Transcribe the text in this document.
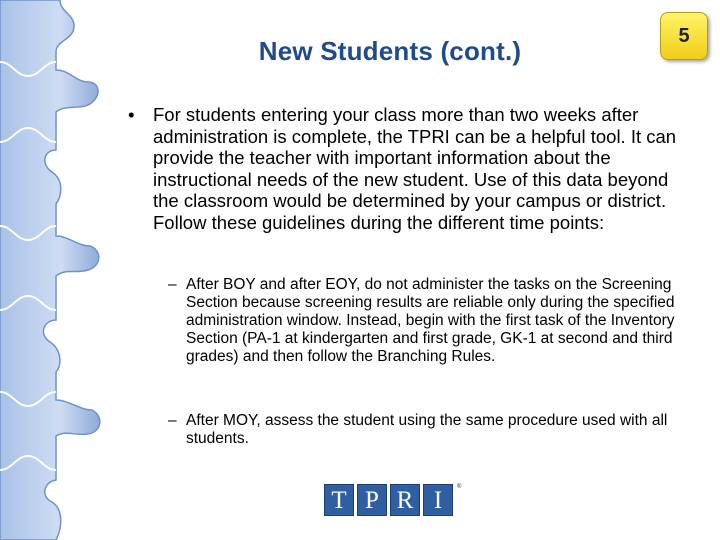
New Students (cont.)
5
• For students entering your class more than two weeks after administration is complete, the TPRI can be a helpful tool. It can provide the teacher with important information about the instructional needs of the new student. Use of this data beyond the classroom would be determined by your campus or district. Follow these guidelines during the different time points:
– After BOY and after EOY, do not administer the tasks on the Screening Section because screening results are reliable only during the specified administration window. Instead, begin with the first task of the Inventory Section (PA-1 at kindergarten and first grade, GK-1 at second and third grades) and then follow the Branching Rules.
– After MOY, assess the student using the same procedure used with all students.
T P R I	®
